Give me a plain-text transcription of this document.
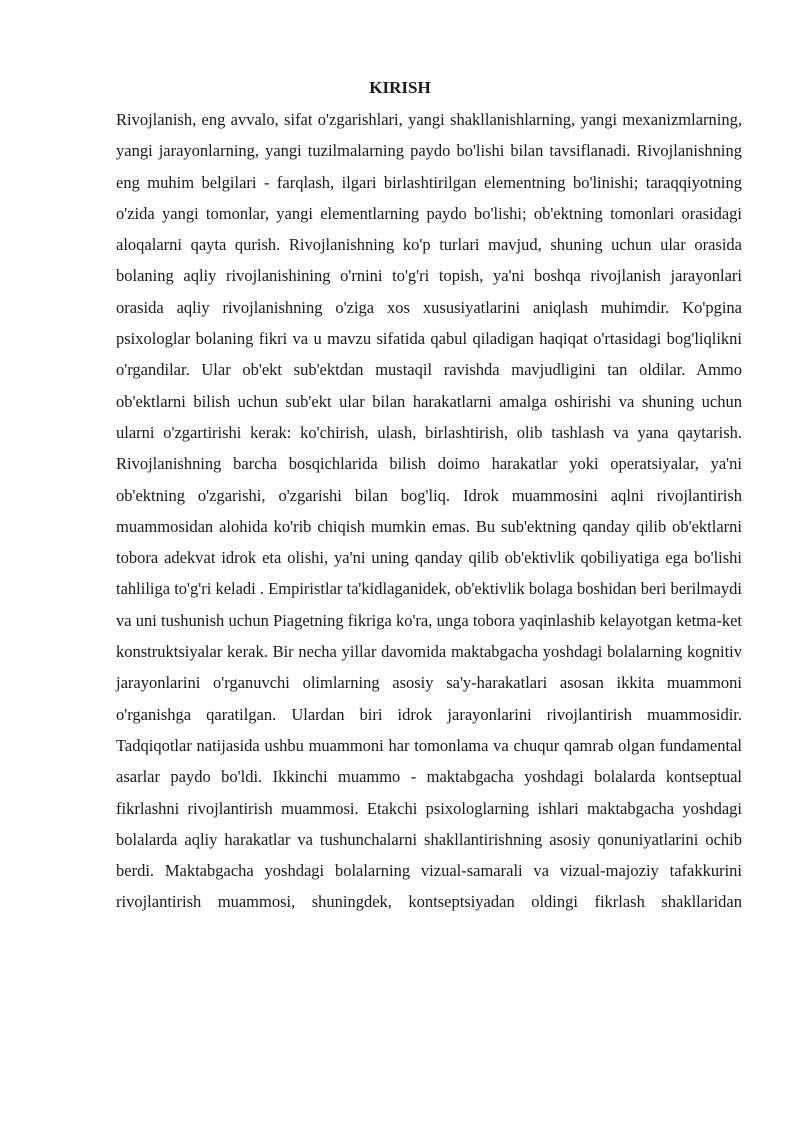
KIRISH

Rivojlanish, eng avvalo, sifat o'zgarishlari, yangi shakllanishlarning, yangi mexanizmlarning, yangi jarayonlarning, yangi tuzilmalarning paydo bo'lishi bilan tavsiflanadi. Rivojlanishning eng muhim belgilari - farqlash, ilgari birlashtirilgan elementning bo'linishi; taraqqiyotning o'zida yangi tomonlar, yangi elementlarning paydo bo'lishi; ob'ektning tomonlari orasidagi aloqalarni qayta qurish. Rivojlanishning ko'p turlari mavjud, shuning uchun ular orasida bolaning aqliy rivojlanishining o'rnini to'g'ri topish, ya'ni boshqa rivojlanish jarayonlari orasida aqliy rivojlanishning o'ziga xos xususiyatlarini aniqlash muhimdir. Ko'pgina psixologlar bolaning fikri va u mavzu sifatida qabul qiladigan haqiqat o'rtasidagi bog'liqlikni o'rgandilar. Ular ob'ekt sub'ektdan mustaqil ravishda mavjudligini tan oldilar. Ammo ob'ektlarni bilish uchun sub'ekt ular bilan harakatlarni amalga oshirishi va shuning uchun ularni o'zgartirishi kerak: ko'chirish, ulash, birlashtirish, olib tashlash va yana qaytarish. Rivojlanishning barcha bosqichlarida bilish doimo harakatlar yoki operatsiyalar, ya'ni ob'ektning o'zgarishi, o'zgarishi bilan bog'liq. Idrok muammosini aqlni rivojlantirish muammosidan alohida ko'rib chiqish mumkin emas. Bu sub'ektning qanday qilib ob'ektlarni tobora adekvat idrok eta olishi, ya'ni uning qanday qilib ob'ektivlik qobiliyatiga ega bo'lishi tahliliga to'g'ri keladi . Empiristlar ta'kidlaganidek, ob'ektivlik bolaga boshidan beri berilmaydi va uni tushunish uchun Piagetning fikriga ko'ra, unga tobora yaqinlashib kelayotgan ketma-ket konstruktsiyalar kerak. Bir necha yillar davomida maktabgacha yoshdagi bolalarning kognitiv jarayonlarini o'rganuvchi olimlarning asosiy sa'y-harakatlari asosan ikkita muammoni o'rganishga qaratilgan. Ulardan biri idrok jarayonlarini rivojlantirish muammosidir. Tadqiqotlar natijasida ushbu muammoni har tomonlama va chuqur qamrab olgan fundamental asarlar paydo bo'ldi. Ikkinchi muammo - maktabgacha yoshdagi bolalarda kontseptual fikrlashni rivojlantirish muammosi. Etakchi psixologlarning ishlari maktabgacha yoshdagi bolalarda aqliy harakatlar va tushunchalarni shakllantirishning asosiy qonuniyatlarini ochib berdi. Maktabgacha yoshdagi bolalarning vizual-samarali va vizual-majoziy tafakkurini rivojlantirish muammosi, shuningdek, kontseptsiyadan oldingi fikrlash shakllaridan
